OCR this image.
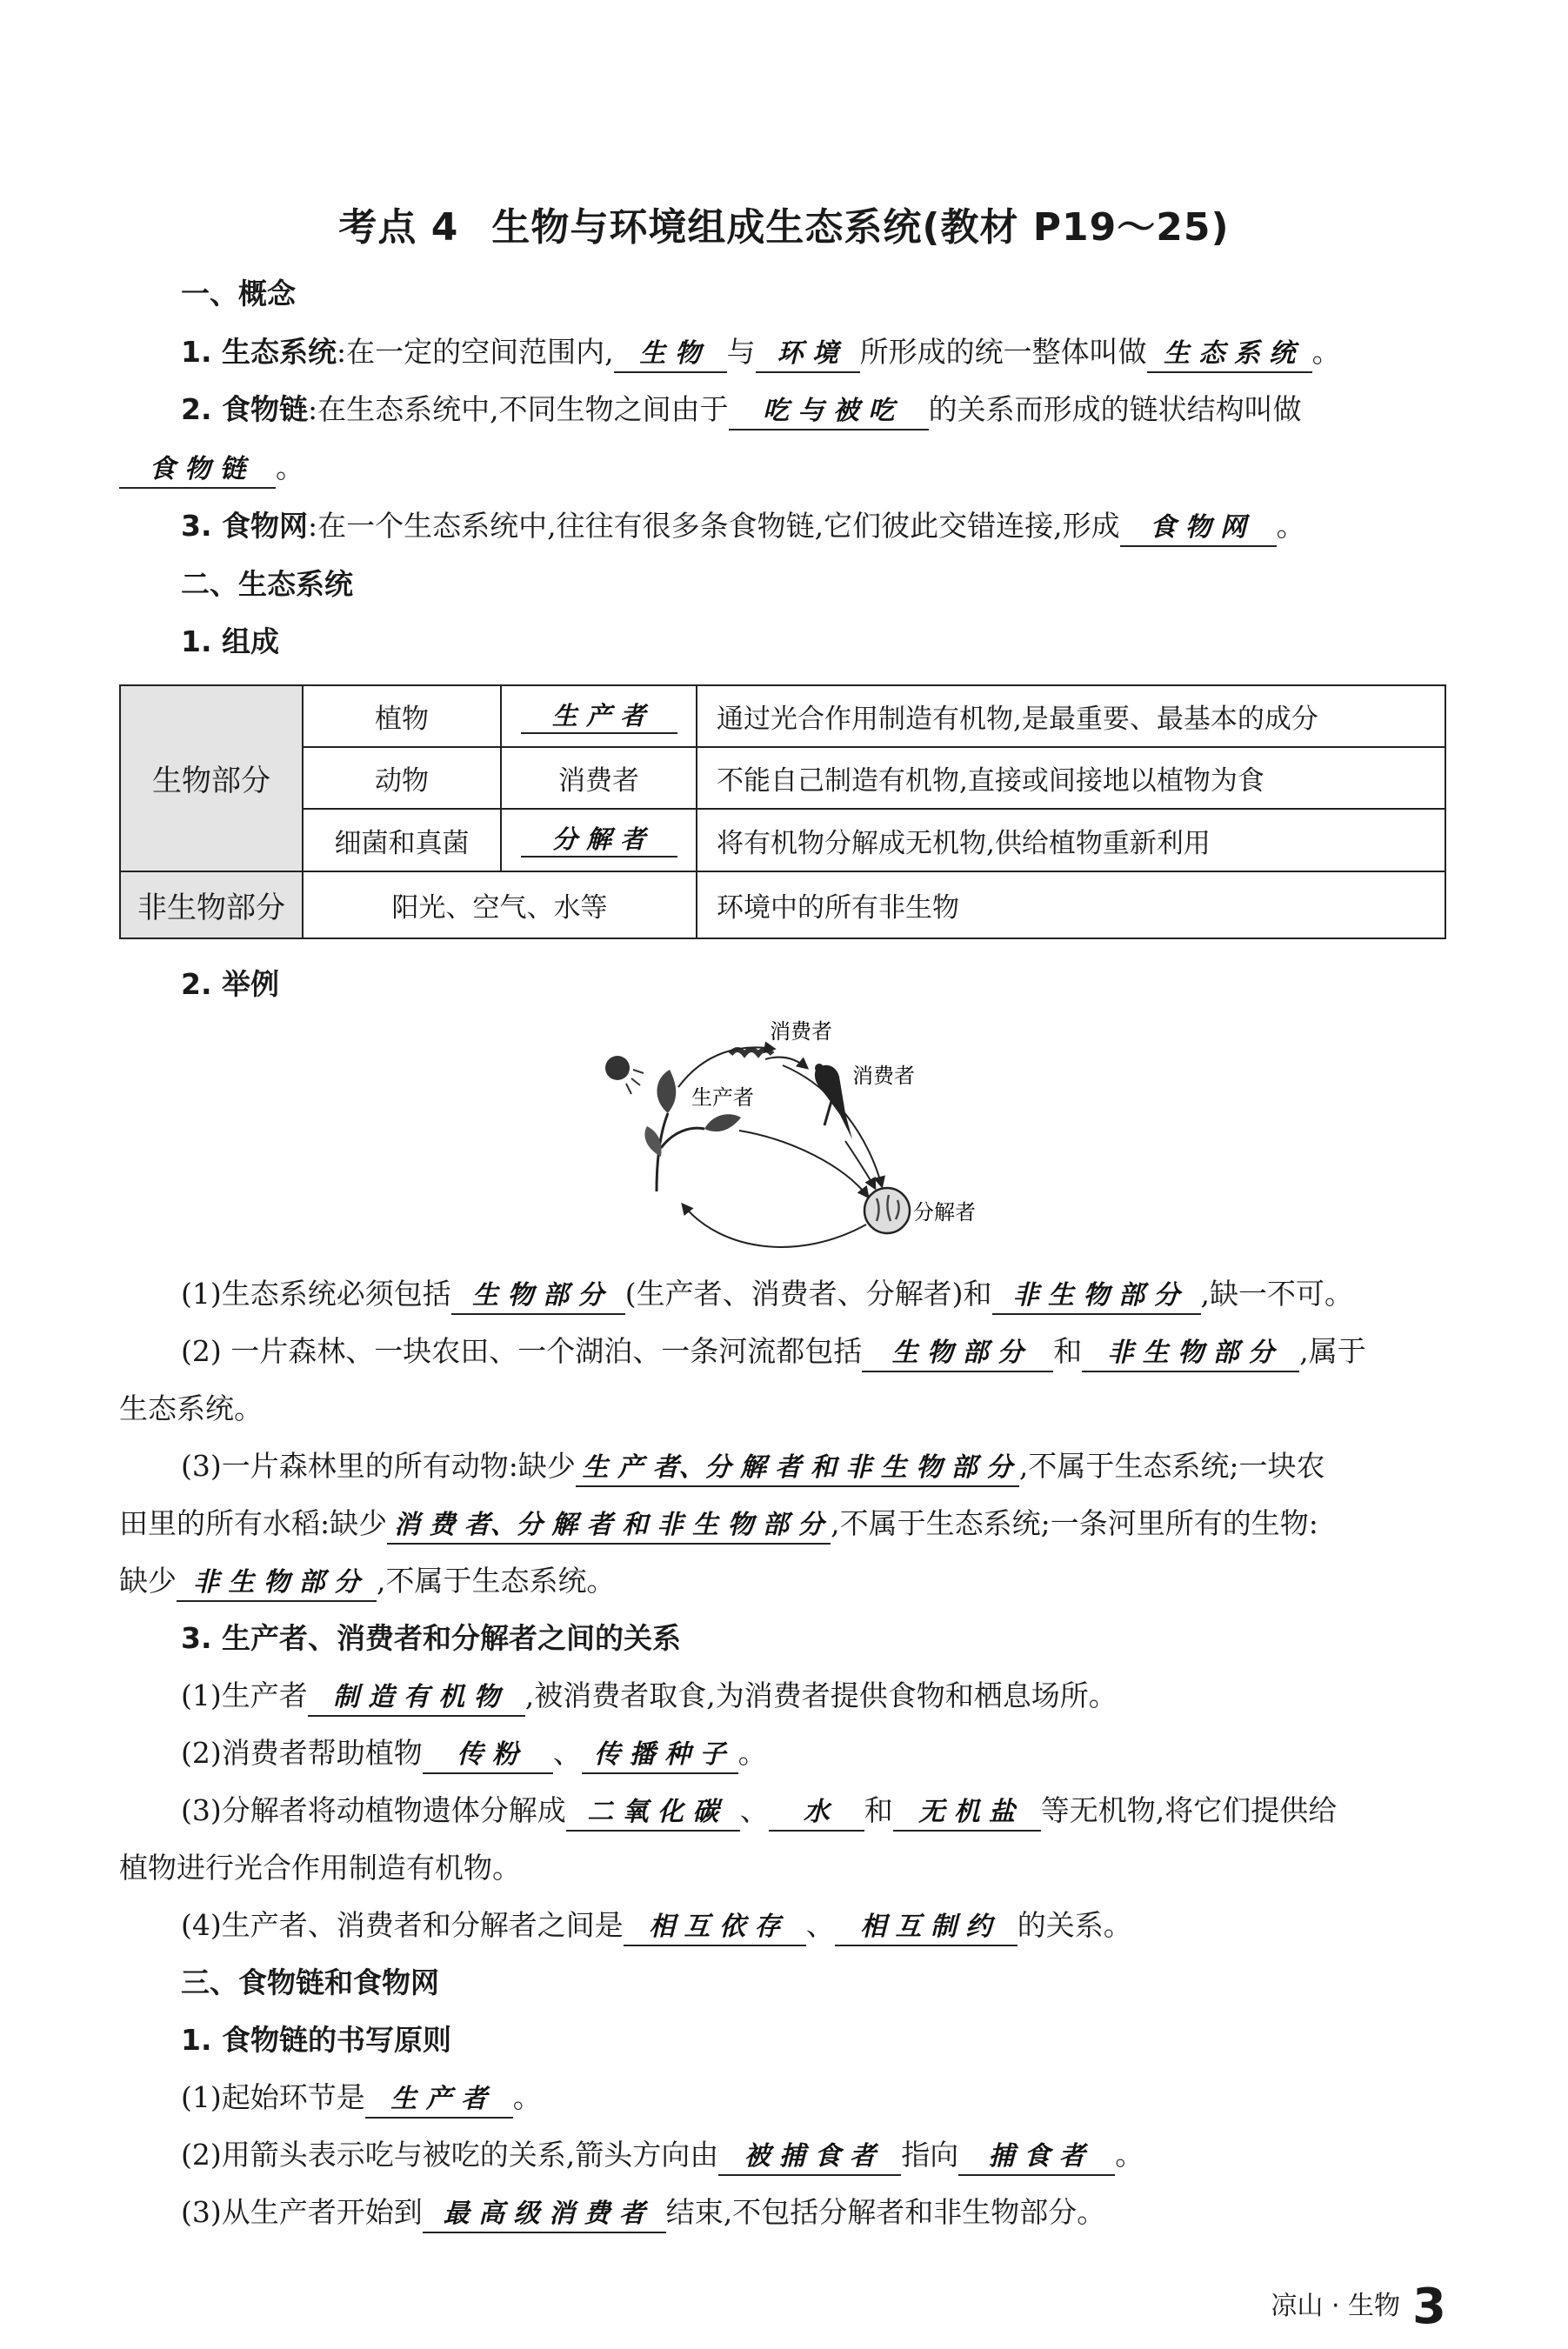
考点 4 生物与环境组成生态系统(教材 P19～25)
一、概念
1. 生态系统:在一定的空间范围内, 生 物 与 环 境 所形成的统一整体叫做 生 态 系 统 。
2. 食物链:在生态系统中,不同生物之间由于 吃 与 被 吃 的关系而形成的链状结构叫做
食 物 链 。
3. 食物网:在一个生态系统中,往往有很多条食物链,它们彼此交错连接,形成 食 物 网 。
二、生态系统
1. 组成
生物部分	植物	生 产 者	通过光合作用制造有机物,是最重要、最基本的成分
	动物	消费者	不能自己制造有机物,直接或间接地以植物为食
	细菌和真菌	分 解 者	将有机物分解成无机物,供给植物重新利用
非生物部分	阳光、空气、水等		环境中的所有非生物
2. 举例
消费者
消费者
生产者
分解者
(1)生态系统必须包括 生 物 部 分 (生产者、消费者、分解者)和 非 生 物 部 分 ,缺一不可。
(2) 一片森林、一块农田、一个湖泊、一条河流都包括 生 物 部 分 和 非 生 物 部 分 ,属于
生态系统。
(3)一片森林里的所有动物:缺少 生 产 者、分 解 者 和 非 生 物 部 分 ,不属于生态系统;一块农
田里的所有水稻:缺少 消 费 者、分 解 者 和 非 生 物 部 分 ,不属于生态系统;一条河里所有的生物:
缺少 非 生 物 部 分 ,不属于生态系统。
3. 生产者、消费者和分解者之间的关系
(1)生产者 制 造 有 机 物 ,被消费者取食,为消费者提供食物和栖息场所。
(2)消费者帮助植物 传 粉 、 传 播 种 子 。
(3)分解者将动植物遗体分解成 二 氧 化 碳 、 水 和 无 机 盐 等无机物,将它们提供给
植物进行光合作用制造有机物。
(4)生产者、消费者和分解者之间是 相 互 依 存 、 相 互 制 约 的关系。
三、食物链和食物网
1. 食物链的书写原则
(1)起始环节是 生 产 者 。
(2)用箭头表示吃与被吃的关系,箭头方向由 被 捕 食 者 指向 捕 食 者 。
(3)从生产者开始到 最 高 级 消 费 者 结束,不包括分解者和非生物部分。
凉山 · 生物 3
